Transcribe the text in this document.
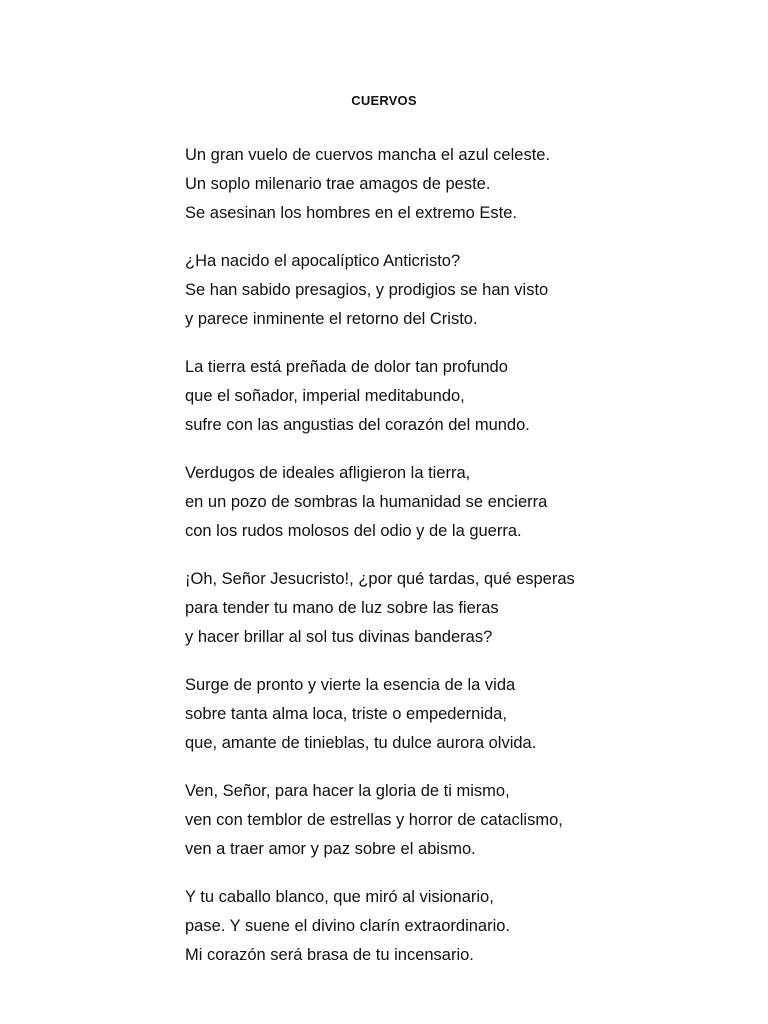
CUERVOS
Un gran vuelo de cuervos mancha el azul celeste.
Un soplo milenario trae amagos de peste.
Se asesinan los hombres en el extremo Este.
¿Ha nacido el apocalíptico Anticristo?
Se han sabido presagios, y prodigios se han visto
y parece inminente el retorno del Cristo.
La tierra está preñada de dolor tan profundo
que el soñador, imperial meditabundo,
sufre con las angustias del corazón del mundo.
Verdugos de ideales afligieron la tierra,
en un pozo de sombras la humanidad se encierra
con los rudos molosos del odio y de la guerra.
¡Oh, Señor Jesucristo!, ¿por qué tardas, qué esperas
para tender tu mano de luz sobre las fieras
y hacer brillar al sol tus divinas banderas?
Surge de pronto y vierte la esencia de la vida
sobre tanta alma loca, triste o empedernida,
que, amante de tinieblas, tu dulce aurora olvida.
Ven, Señor, para hacer la gloria de ti mismo,
ven con temblor de estrellas y horror de cataclismo,
ven a traer amor y paz sobre el abismo.
Y tu caballo blanco, que miró al visionario,
pase. Y suene el divino clarín extraordinario.
Mi corazón será brasa de tu incensario.
